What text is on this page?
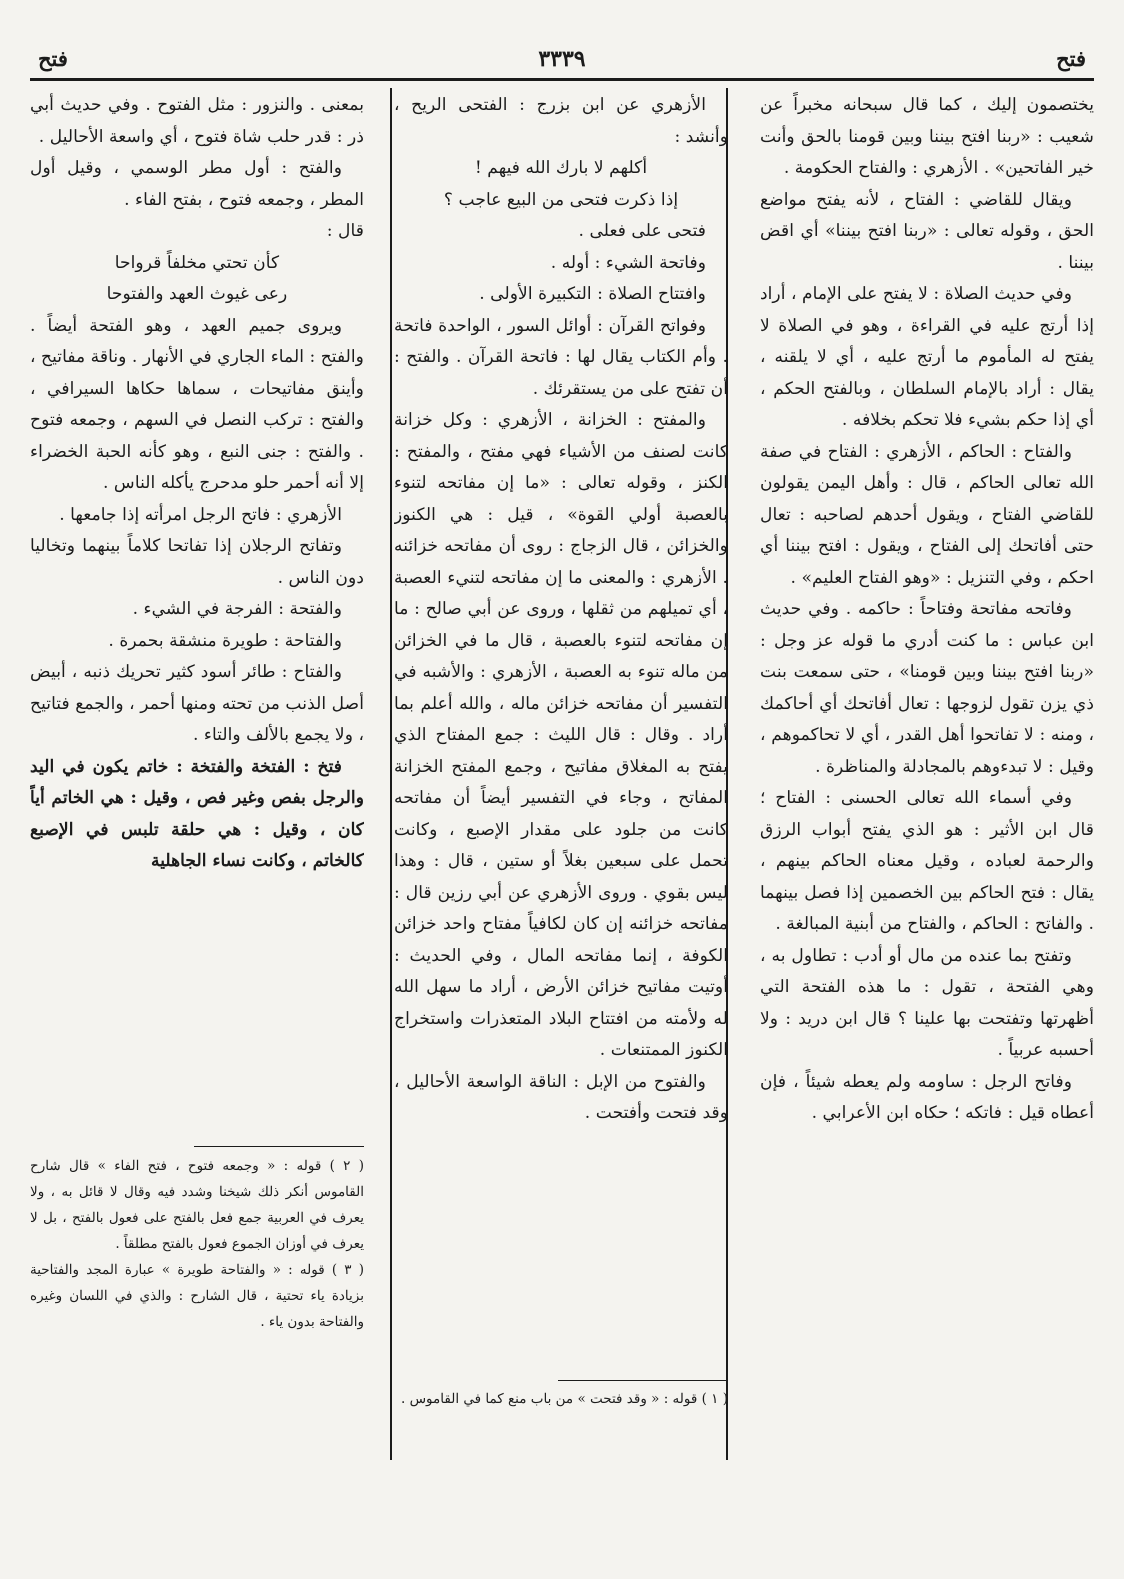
فتح
٣٣٣٩
فتح

يختصمون إليك ، كما قال سبحانه مخبراً عن شعيب : «ربنا افتح بيننا وبين قومنا بالحق وأنت خير الفاتحين» . الأزهري : والفتاح الحكومة .

ويقال للقاضي : الفتاح ، لأنه يفتح مواضع الحق ، وقوله تعالى : «ربنا افتح بيننا» أي اقض بيننا .

وفي حديث الصلاة : لا يفتح على الإمام ، أراد إذا أرتج عليه في القراءة ، وهو في الصلاة لا يفتح له المأموم ما أرتج عليه ، أي لا يلقنه ، يقال : أراد بالإمام السلطان ، وبالفتح الحكم ، أي إذا حكم بشيء فلا تحكم بخلافه .

والفتاح : الحاكم ، الأزهري : الفتاح في صفة الله تعالى الحاكم ، قال : وأهل اليمن يقولون للقاضي الفتاح ، ويقول أحدهم لصاحبه : تعال حتى أفاتحك إلى الفتاح ، ويقول : افتح بيننا أي احكم ، وفي التنزيل : «وهو الفتاح العليم» .

وفاتحه مفاتحة وفتاحاً : حاكمه . وفي حديث ابن عباس : ما كنت أدري ما قوله عز وجل : «ربنا افتح بيننا وبين قومنا» ، حتى سمعت بنت ذي يزن تقول لزوجها : تعال أفاتحك أي أحاكمك ، ومنه : لا تفاتحوا أهل القدر ، أي لا تحاكموهم ، وقيل : لا تبدءوهم بالمجادلة والمناظرة .

وفي أسماء الله تعالى الحسنى : الفتاح ؛ قال ابن الأثير : هو الذي يفتح أبواب الرزق والرحمة لعباده ، وقيل معناه الحاكم بينهم ، يقال : فتح الحاكم بين الخصمين إذا فصل بينهما . والفاتح : الحاكم ، والفتاح من أبنية المبالغة .

وتفتح بما عنده من مال أو أدب : تطاول به ، وهي الفتحة ، تقول : ما هذه الفتحة التي أظهرتها وتفتحت بها علينا ؟ قال ابن دريد : ولا أحسبه عربياً .

وفاتح الرجل : ساومه ولم يعطه شيئاً ، فإن أعطاه قيل : فاتكه ؛ حكاه ابن الأعرابي .

الأزهري عن ابن بزرج : الفتحى الريح ، وأنشد :

أكلهم لا بارك الله فيهم !

إذا ذكرت فتحى من البيع عاجب ؟

فتحى على فعلى .

وفاتحة الشيء : أوله .

وافتتاح الصلاة : التكبيرة الأولى .

وفواتح القرآن : أوائل السور ، الواحدة فاتحة . وأم الكتاب يقال لها : فاتحة القرآن . والفتح : أن تفتح على من يستقرئك .

والمفتح : الخزانة ، الأزهري : وكل خزانة كانت لصنف من الأشياء فهي مفتح ، والمفتح : الكنز ، وقوله تعالى : «ما إن مفاتحه لتنوء بالعصبة أولي القوة» ، قيل : هي الكنوز والخزائن ، قال الزجاج : روى أن مفاتحه خزائنه . الأزهري : والمعنى ما إن مفاتحه لتنيء العصبة ، أي تميلهم من ثقلها ، وروى عن أبي صالح : ما إن مفاتحه لتنوء بالعصبة ، قال ما في الخزائن من ماله تنوء به العصبة ، الأزهري : والأشبه في التفسير أن مفاتحه خزائن ماله ، والله أعلم بما أراد . وقال : قال الليث : جمع المفتاح الذي يفتح به المغلاق مفاتيح ، وجمع المفتح الخزانة المفاتح ، وجاء في التفسير أيضاً أن مفاتحه كانت من جلود على مقدار الإصبع ، وكانت تحمل على سبعين بغلاً أو ستين ، قال : وهذا ليس بقوي . وروى الأزهري عن أبي رزين قال : مفاتحه خزائنه إن كان لكافياً مفتاح واحد خزائن الكوفة ، إنما مفاتحه المال ، وفي الحديث : أوتيت مفاتيح خزائن الأرض ، أراد ما سهل الله له ولأمته من افتتاح البلاد المتعذرات واستخراج الكنوز الممتنعات .

والفتوح من الإبل : الناقة الواسعة الأحاليل ، وقد فتحت وأفتحت .

( ١ ) قوله : « وقد فتحت » من باب منع كما في القاموس .

بمعنى . والنزور : مثل الفتوح . وفي حديث أبي ذر : قدر حلب شاة فتوح ، أي واسعة الأحاليل .

والفتح : أول مطر الوسمي ، وقيل أول المطر ، وجمعه فتوح ، بفتح الفاء .

قال :

كأن تحتي مخلفاً قرواحا

رعى غيوث العهد والفتوحا

ويروى جميم العهد ، وهو الفتحة أيضاً . والفتح : الماء الجاري في الأنهار . وناقة مفاتيح ، وأينق مفاتيحات ، سماها حكاها السيرافي ، والفتح : تركب النصل في السهم ، وجمعه فتوح . والفتح : جنى النبع ، وهو كأنه الحبة الخضراء إلا أنه أحمر حلو مدحرج يأكله الناس .

الأزهري : فاتح الرجل امرأته إذا جامعها .

وتفاتح الرجلان إذا تفاتحا كلاماً بينهما وتخاليا دون الناس .

والفتحة : الفرجة في الشيء .

والفتاحة : طويرة منشقة بحمرة .

والفتاح : طائر أسود كثير تحريك ذنبه ، أبيض أصل الذنب من تحته ومنها أحمر ، والجمع فتاتيح ، ولا يجمع بالألف والتاء .

فتخ : الفتخة والفتخة : خاتم يكون في اليد والرجل بفص وغير فص ، وقيل : هي الخاتم أياً كان ، وقيل : هي حلقة تلبس في الإصبع كالخاتم ، وكانت نساء الجاهلية

( ٢ ) قوله : « وجمعه فتوح ، فتح الفاء » قال شارح القاموس أنكر ذلك شيخنا وشدد فيه وقال لا قائل به ، ولا يعرف في العربية جمع فعل بالفتح على فعول بالفتح ، بل لا يعرف في أوزان الجموع فعول بالفتح مطلقاً .

( ٣ ) قوله : « والفتاحة طويرة » عبارة المجد والفتاحية بزيادة ياء تحتية ، قال الشارح : والذي في اللسان وغيره والفتاحة بدون ياء .
